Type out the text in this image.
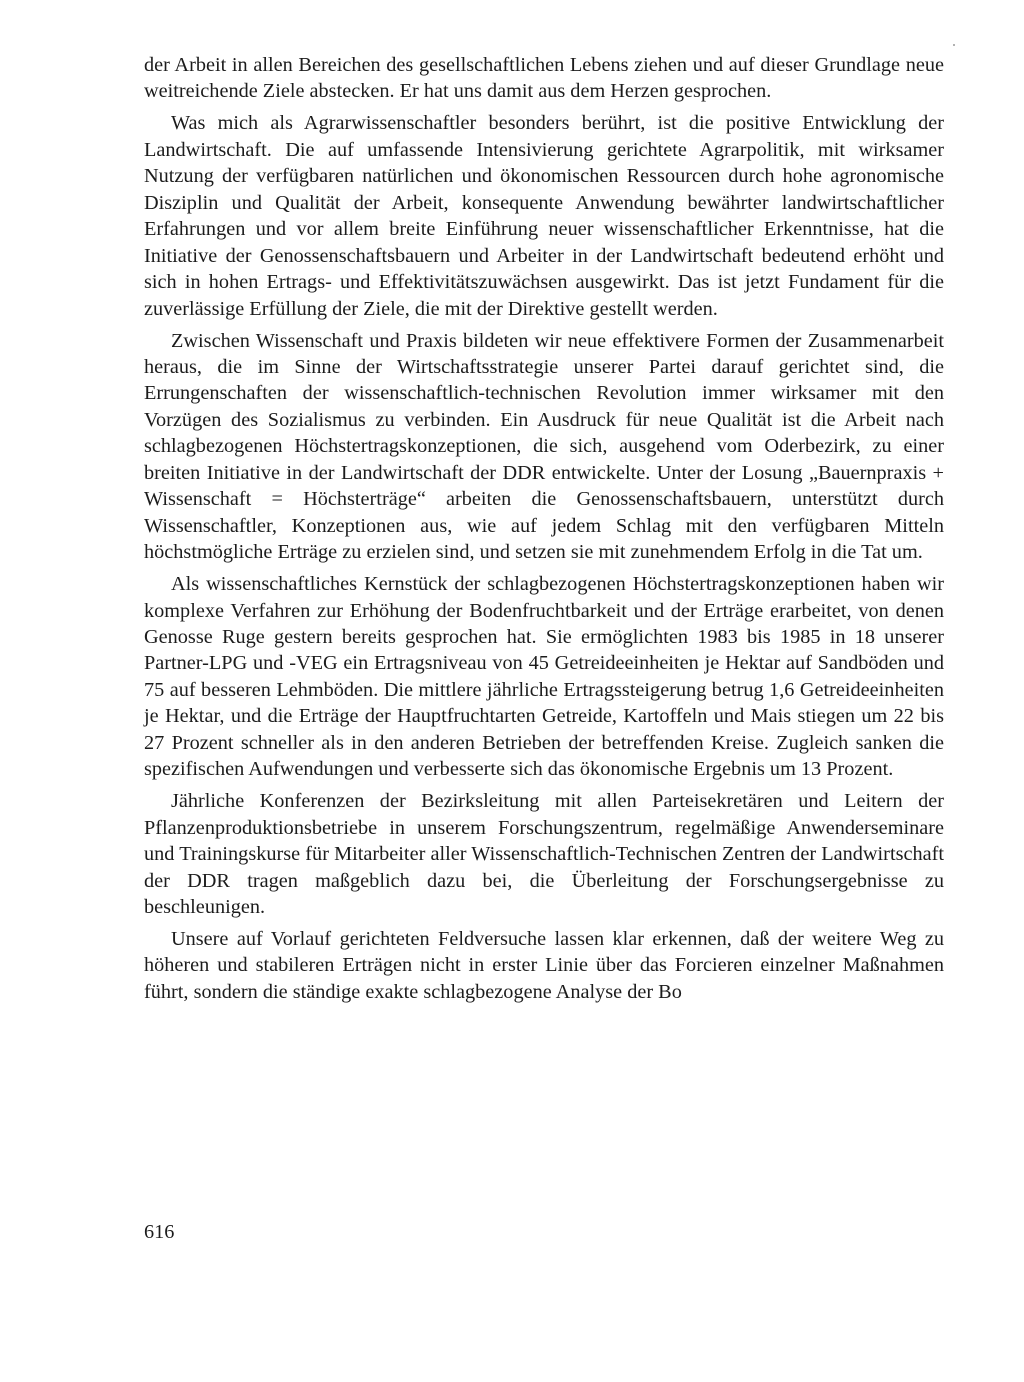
der Arbeit in allen Bereichen des gesellschaftlichen Lebens ziehen und auf dieser Grundlage neue weitreichende Ziele abstecken. Er hat uns damit aus dem Herzen gesprochen.

Was mich als Agrarwissenschaftler besonders berührt, ist die positive Entwicklung der Landwirtschaft. Die auf umfassende Intensivierung gerichtete Agrarpolitik, mit wirksamer Nutzung der verfügbaren natürlichen und ökonomischen Ressourcen durch hohe agronomische Disziplin und Qualität der Arbeit, konsequente Anwendung bewährter landwirtschaftlicher Erfahrungen und vor allem breite Einführung neuer wissenschaftlicher Erkenntnisse, hat die Initiative der Genossenschaftsbauern und Arbeiter in der Landwirtschaft bedeutend erhöht und sich in hohen Ertrags- und Effektivitätszuwächsen ausgewirkt. Das ist jetzt Fundament für die zuverlässige Erfüllung der Ziele, die mit der Direktive gestellt werden.

Zwischen Wissenschaft und Praxis bildeten wir neue effektivere Formen der Zusammenarbeit heraus, die im Sinne der Wirtschaftsstrategie unserer Partei darauf gerichtet sind, die Errungenschaften der wissenschaftlich-technischen Revolution immer wirksamer mit den Vorzügen des Sozialismus zu verbinden. Ein Ausdruck für neue Qualität ist die Arbeit nach schlagbezogenen Höchstertragskonzeptionen, die sich, ausgehend vom Oderbezirk, zu einer breiten Initiative in der Landwirtschaft der DDR entwickelte. Unter der Losung „Bauernpraxis + Wissenschaft = Höchsterträge“ arbeiten die Genossenschaftsbauern, unterstützt durch Wissenschaftler, Konzeptionen aus, wie auf jedem Schlag mit den verfügbaren Mitteln höchstmögliche Erträge zu erzielen sind, und setzen sie mit zunehmendem Erfolg in die Tat um.

Als wissenschaftliches Kernstück der schlagbezogenen Höchstertragskonzeptionen haben wir komplexe Verfahren zur Erhöhung der Bodenfruchtbarkeit und der Erträge erarbeitet, von denen Genosse Ruge gestern bereits gesprochen hat. Sie ermöglichten 1983 bis 1985 in 18 unserer Partner-LPG und -VEG ein Ertragsniveau von 45 Getreideeinheiten je Hektar auf Sandböden und 75 auf besseren Lehmböden. Die mittlere jährliche Ertragssteigerung betrug 1,6 Getreideeinheiten je Hektar, und die Erträge der Hauptfruchtarten Getreide, Kartoffeln und Mais stiegen um 22 bis 27 Prozent schneller als in den anderen Betrieben der betreffenden Kreise. Zugleich sanken die spezifischen Aufwendungen und verbesserte sich das ökonomische Ergebnis um 13 Prozent.

Jährliche Konferenzen der Bezirksleitung mit allen Parteisekretären und Leitern der Pflanzenproduktionsbetriebe in unserem Forschungszentrum, regelmäßige Anwenderseminare und Trainingskurse für Mitarbeiter aller Wissenschaftlich-Technischen Zentren der Landwirtschaft der DDR tragen maßgeblich dazu bei, die Überleitung der Forschungsergebnisse zu beschleunigen.

Unsere auf Vorlauf gerichteten Feldversuche lassen klar erkennen, daß der weitere Weg zu höheren und stabileren Erträgen nicht in erster Linie über das Forcieren einzelner Maßnahmen führt, sondern die ständige exakte schlagbezogene Analyse der Bo

616
